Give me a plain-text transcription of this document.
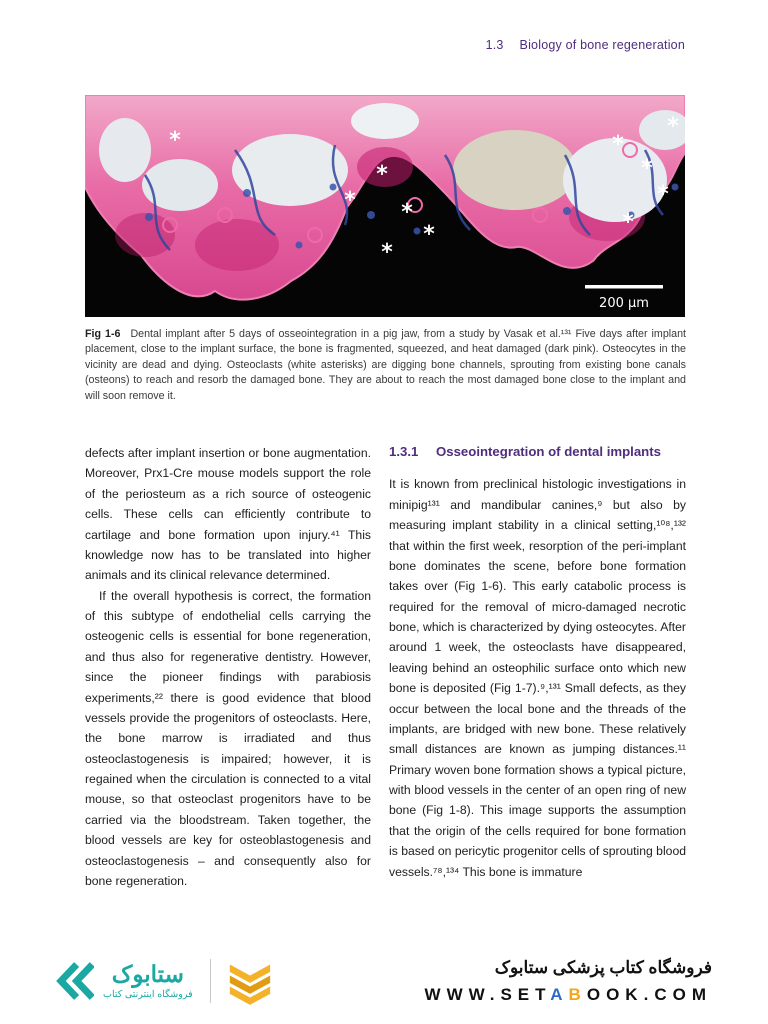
1.3 Biology of bone regeneration
*
*
*
*
*
*	*
*
*
*
*
200 μm
Fig 1-6 Dental implant after 5 days of osseointegration in a pig jaw, from a study by Vasak et al.¹³¹ Five days after implant placement, close to the implant surface, the bone is fragmented, squeezed, and heat damaged (dark pink). Osteocytes in the vicinity are dead and dying. Osteoclasts (white asterisks) are digging bone channels, sprouting from existing bone canals (osteons) to reach and resorb the damaged bone. They are about to reach the most damaged bone close to the implant and will soon remove it.

defects after implant insertion or bone augmentation. Moreover, Prx1-Cre mouse models support the role of the periosteum as a rich source of osteogenic cells. These cells can efficiently contribute to cartilage and bone formation upon injury.⁴¹ This knowledge now has to be translated into higher animals and its clinical relevance determined.

If the overall hypothesis is correct, the formation of this subtype of endothelial cells carrying the osteogenic cells is essential for bone regeneration, and thus also for regenerative dentistry. However, since the pioneer findings with parabiosis experiments,²² there is good evidence that blood vessels provide the progenitors of osteoclasts. Here, the bone marrow is irradiated and thus osteoclastogenesis is impaired; however, it is regained when the circulation is connected to a vital mouse, so that osteoclast progenitors have to be carried via the bloodstream. Taken together, the blood vessels are key for osteoblastogenesis and osteoclastogenesis – and consequently also for bone regeneration.

1.3.1	Osseointegration of dental implants

It is known from preclinical histologic investigations in minipig¹³¹ and mandibular canines,⁹ but also by measuring implant stability in a clinical setting,¹⁰⁸,¹³² that within the first week, resorption of the peri-implant bone dominates the scene, before bone formation takes over (Fig 1-6). This early catabolic process is required for the removal of micro-damaged necrotic bone, which is characterized by dying osteocytes. After around 1 week, the osteoclasts have disappeared, leaving behind an osteophilic surface onto which new bone is deposited (Fig 1-7).⁹,¹³¹ Small defects, as they occur between the local bone and the threads of the implants, are bridged with new bone. These relatively small distances are known as jumping distances.¹¹ Primary woven bone formation shows a typical picture, with blood vessels in the center of an open ring of new bone (Fig 1-8). This image supports the assumption that the origin of the cells required for bone formation is based on pericytic progenitor cells of sprouting blood vessels.⁷⁸,¹³⁴ This bone is immature

ستابوک
فروشگاه اینترنتی کتاب
فروشگاه کتاب پزشکی ستابوک
WWW.SETABOOK.COM
